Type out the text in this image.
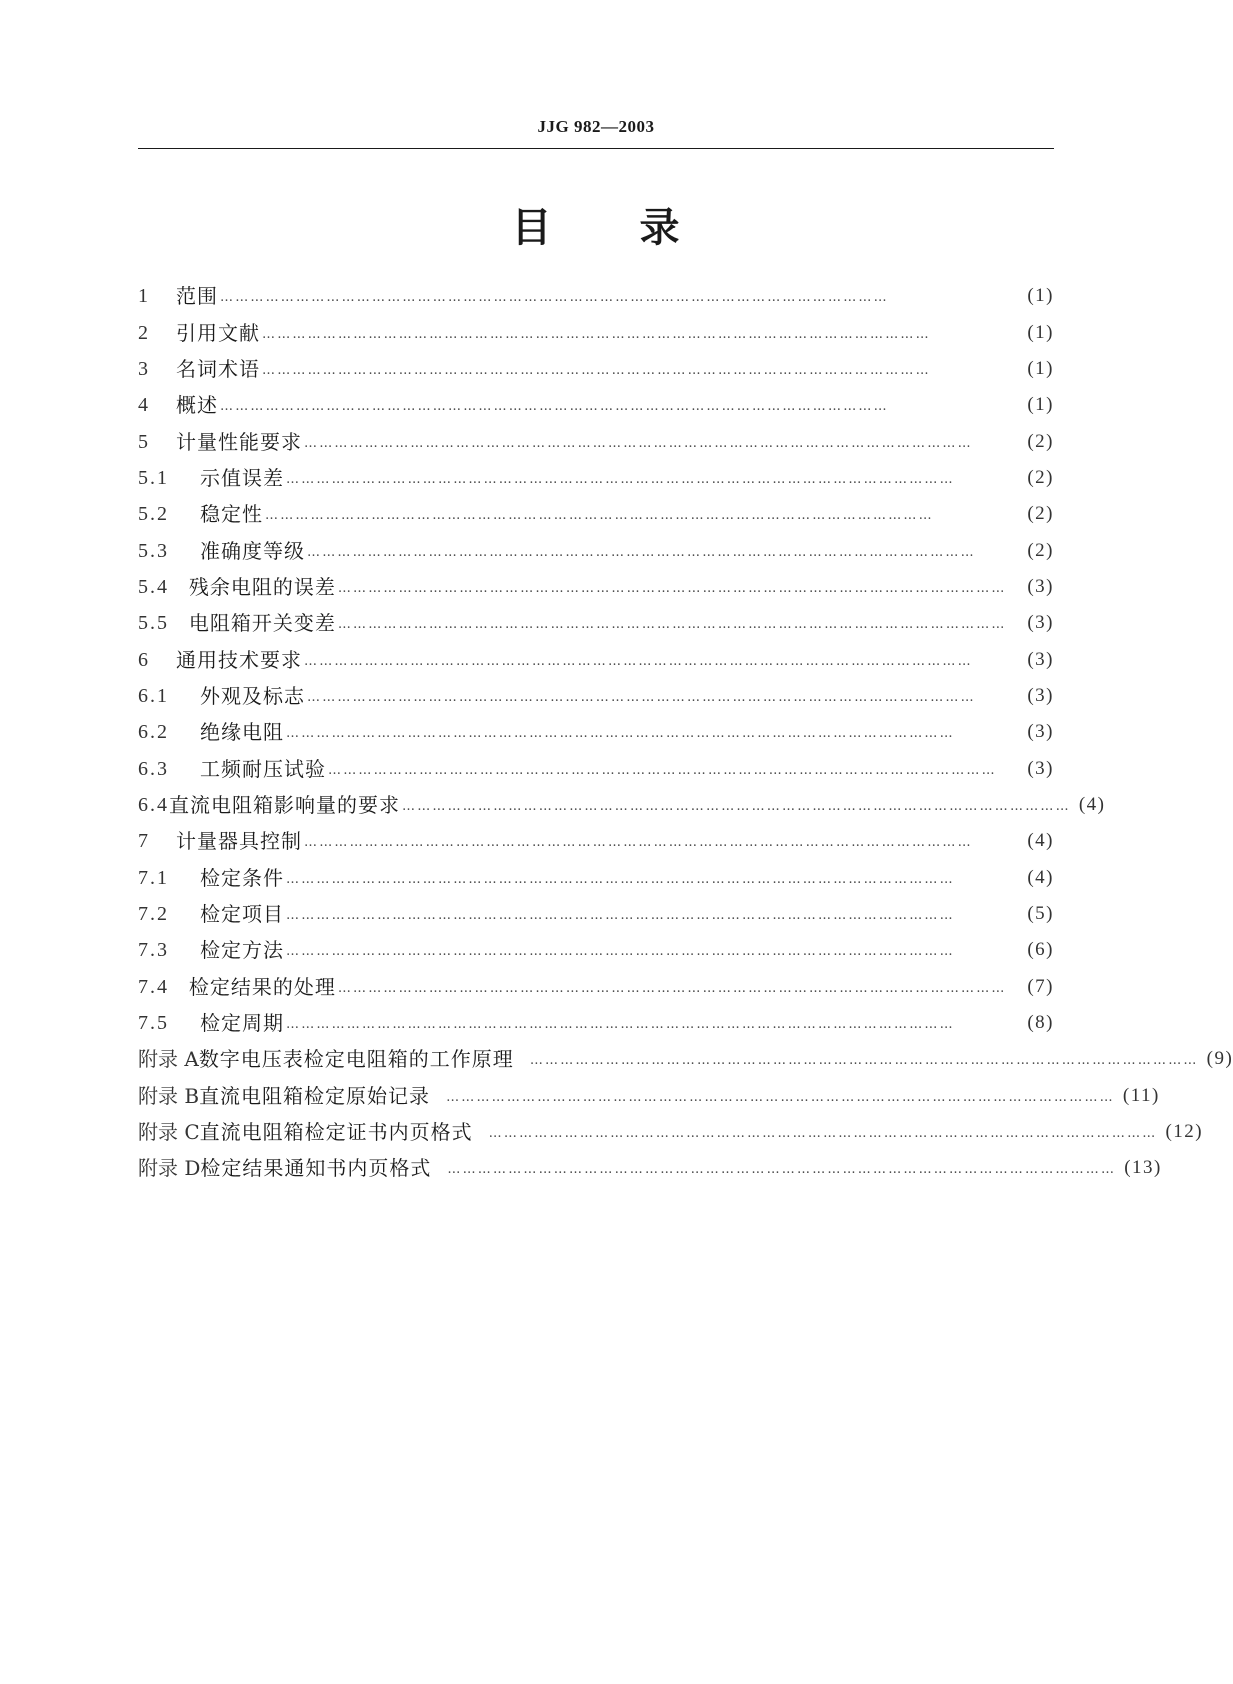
JJG 982—2003
目 录
1	范围 ……………………………………………………………………………………………………………………	(1)
2	引用文献 ……………………………………………………………………………………………………………………	(1)
3	名词术语 ……………………………………………………………………………………………………………………	(1)
4	概述 ……………………………………………………………………………………………………………………	(1)
5	计量性能要求 ……………………………………………………………………………………………………………………	(2)
5.1	示值误差 ……………………………………………………………………………………………………………………	(2)
5.2	稳定性 ……………………………………………………………………………………………………………………	(2)
5.3	准确度等级 ……………………………………………………………………………………………………………………	(2)
5.4 残余电阻的误差 ……………………………………………………………………………………………………………………	(3)
5.5 电阻箱开关变差 ……………………………………………………………………………………………………………………	(3)
6	通用技术要求 ……………………………………………………………………………………………………………………	(3)
6.1	外观及标志 ……………………………………………………………………………………………………………………	(3)
6.2	绝缘电阻 ……………………………………………………………………………………………………………………	(3)
6.3	工频耐压试验 ……………………………………………………………………………………………………………………	(3)
6.4 直流电阻箱影响量的要求 …………………………………………………………………………………………………………………… (4)
7	计量器具控制 ……………………………………………………………………………………………………………………	(4)
7.1	检定条件 ……………………………………………………………………………………………………………………	(4)
7.2	检定项目 ……………………………………………………………………………………………………………………	(5)
7.3	检定方法 ……………………………………………………………………………………………………………………	(6)
7.4 检定结果的处理 ……………………………………………………………………………………………………………………	(7)
7.5	检定周期 ……………………………………………………………………………………………………………………	(8)
附录 A 数字电压表检定电阻箱的工作原理 …………………………………………………………………………………………………………………… (9)
附录 B 直流电阻箱检定原始记录 …………………………………………………………………………………………………………………… (11)
附录 C 直流电阻箱检定证书内页格式 …………………………………………………………………………………………………………………… (12)
附录 D 检定结果通知书内页格式 …………………………………………………………………………………………………………………… (13)
